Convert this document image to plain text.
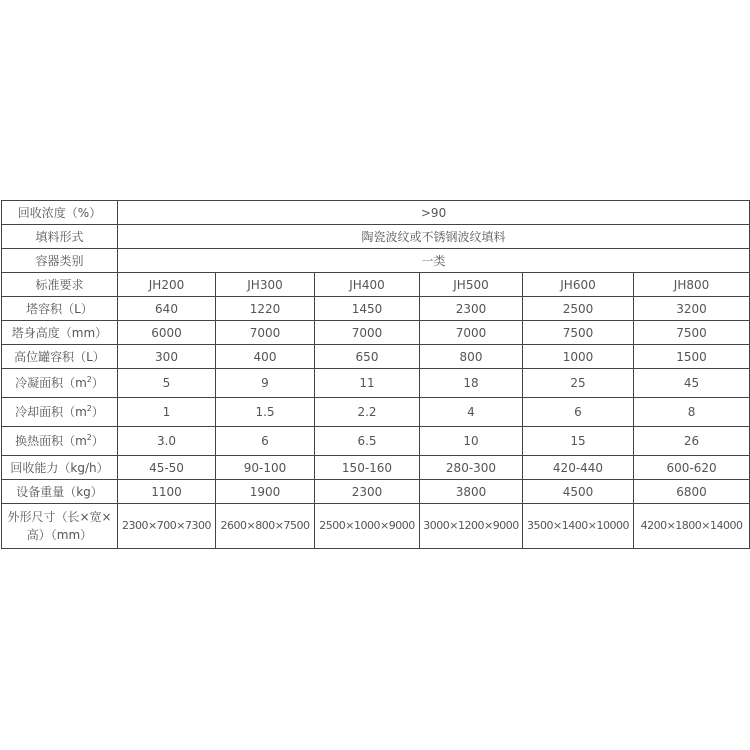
回收浓度（%）	>90					
填料形式	陶瓷波纹或不锈钢波纹填料					
容器类别	一类					
标准要求	JH200	JH300	JH400	JH500	JH600	JH800
塔容积（L）	640	1220	1450	2300	2500	3200
塔身高度（mm）	6000	7000	7000	7000	7500	7500
高位罐容积（L）	300	400	650	800	1000	1500
冷凝面积$(m^2)$	5	9	11	18	25	45
冷却面积$(m^2)$	1	1.5	2.2	4	6	8
换热面积$(m^2)$	3.0	6	6.5	10	15	26
回收能力（kg/h）	45-50	90-100	150-160	280-300	420-440	600-620
设备重量（kg）	1100	1900	2300	3800	4500	6800
外形尺寸（长×宽×高）（mm）	2300×700×7300	2600×800×7500	2500×1000×9000	3000×1200×9000	3500×1400×10000	4200×1800×14000
